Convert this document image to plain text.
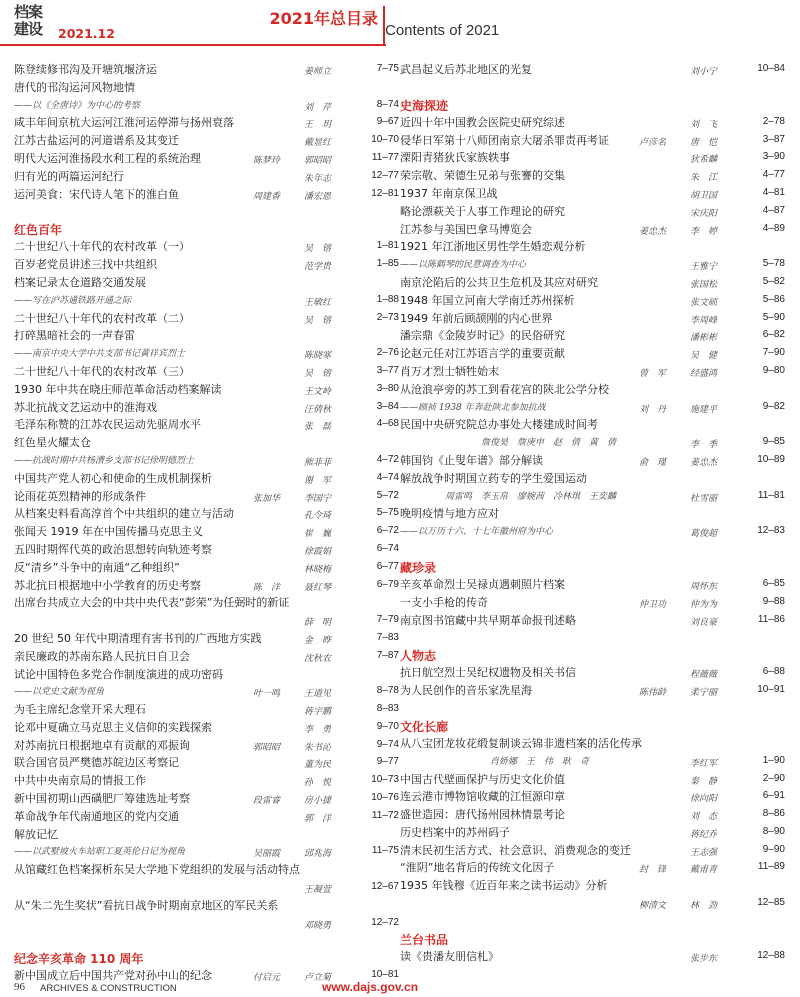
档案
建设	2021.12
2021年总目录
Contents of 2021
陈登续修邗沟及开塘筑堰济运	姜师立	7–75
唐代的邗沟运河风物地情
——以《全唐诗》为中心的考察	刘　芹	8–74
咸丰年间京杭大运河江淮河运停滞与扬州衰落	王　玥	9–67
江苏古盐运河的河道谱系及其变迁	戴显红	10–70
明代大运河淮扬段水利工程的系统治理	陈梦玲	郭昭昭	11–77
归有光的两篇运河纪行	朱年志	12–77
运河美食：宋代诗人笔下的淮白鱼	周建香	潘宏恩	12–81
红色百年
二十世纪八十年代的农村改革（一）	吴　镕	1–81
百岁老党员讲述三找中共组织	范学贵	1–85
档案记录太仓道路交通发展
——写在沪苏通铁路开通之际	王敏红	1–88
二十世纪八十年代的农村改革（二）	吴　镕	2–73
打碎黑暗社会的一声春雷
——南京中央大学中共支部书记黄祥宾烈士	陈晓寒	2–76
二十世纪八十年代的农村改革（三）	吴　镕	3–77
1930 年中共在晓庄师范革命活动档案解读	王文岭	3–80
苏北抗战文艺运动中的淮海戏	汪倩秋	3–84
毛泽东称赞的江苏农民运动先驱周水平	张　磊	4–68
红色星火耀太仓
——抗战时期中共杨漕乡支部书记徐明德烈士	熊菲菲	4–72
中国共产党人初心和使命的生成机制探析	谢　军	4–74
论雨花英烈精神的形成条件	张加华	李国宁	5–72
从档案史料看高淳首个中共组织的建立与活动	孔令琦	5–75
张闻天 1919 年在中国传播马克思主义	崔　巍	6–72
五四时期恽代英的政治思想转向轨迹考察	徐霞娟	6–74
反“清乡”斗争中的南通“乙种组织”	林晓梅	6–77
苏北抗日根据地中小学教育的历史考察	陈　洋	聂红琴	6–79
出席台共成立大会的中共中央代表“彭荣”为任弼时的新证
薛　明	7–79
20 世纪 50 年代中期清理有害书刊的广西地方实践	金　晔	7–83
亲民廉政的苏南东路人民抗日自卫会	沈秋农	7–87
试论中国特色多党合作制度演进的成功密码
——以党史文献为视角	叶一鸣	王道见	8–78
为毛主席纪念堂开采大理石	蒋宇鹏	8–83
论邓中夏确立马克思主义信仰的实践探索	李　勇	9–70
对苏南抗日根据地卓有贡献的邓振询	郭昭昭	朱书沁	9–74
联合国官员严樊德苏皖边区考察记	董为民	9–77
中共中央南京局的情报工作	孙　悦	10–73
新中国初期山西磺肥厂筹建选址考察	段雷睿	房小捷	10–76
革命战争年代南通地区的党内交通	郭　洋	11–72
解放记忆
——以武墅坡火车站职工夏英伦日记为视角	吴丽霞	邱兆海	11–75
从馆藏红色档案探析东吴大学地下党组织的发展与活动特点
王凝萱	12–67
从“朱二先生奖状”看抗日战争时期南京地区的军民关系
邓晓勇	12–72
纪念辛亥革命 110 周年
新中国成立后中国共产党对孙中山的纪念	付启元	卢立菊	10–81
武昌起义后苏北地区的光复	刘小宁	10–84
史海探迹
近四十年中国教会医院史研究综述	刘　飞	2–78
侵华日军第十八师团南京大屠杀罪责再考证	卢彦名	唐　恺	3–87
溧阳青猪狄氏家族轶事	狄希麟	3–90
荣宗敬、荣德生兄弟与张謇的交集	朱　江	4–77
1937 年南京保卫战	胡卫国	4–81
略论漂萩关于人事工作理论的研究	宋庆阳	4–87
江苏参与美国巴拿马博览会	姜忠杰	李　婷	4–89
1921 年江浙地区男性学生婚恋观分析
——以陈鹤琴的民意调查为中心	王雅宁	5–78
南京沦陷后的公共卫生危机及其应对研究	张国松	5–82
1948 年国立河南大学南迁苏州探析	张文硕	5–86
1949 年前后顾颉刚的内心世界	李周峰	5–90
潘宗鼎《金陵岁时记》的民俗研究	潘彬彬	6–82
论赵元任对江苏语言学的重要贡献	吴　健	7–90
肖万才烈士牺牲始末	曾　军	经盛鸿	9–80
从沧浪亭旁的苏工到看花宫的陕北公学分校
——顾祯 1938 年奔赴陕北参加抗战	刘　丹	施建平	9–82
民国中央研究院总办事处大楼建成时间考
　　　　　　　　　詹俊昊　詹庚申　赵　倩　黄　倩	李　季	9–85
韩国钧《止叟年谱》部分解读	俞　瑾	姜忠杰	10–89
解放战争时期国立药专的学生爱国运动
　　　　　周雷鸣　李玉帛　廖婉茜　冷林琪　王奕麟	杜雪丽	11–81
晚明疫情与地方应对
——以万历十六、十七年徽州府为中心	葛俊超	12–83
藏珍录
辛亥革命烈士吴禄贞遇刺照片档案	周怀东	6–85
一支小手枪的传奇	仲卫功	仲为为	9–88
南京图书馆藏中共早期革命报刊述略	刘良豪	11–86
人物志
抗日航空烈士吴纪权遗物及相关书信	程薇薇	6–88
为人民创作的音乐家冼星海	陈伟龄	柔宁丽	10–91
文化长廊
从八宝团龙妆花缎复制谈云锦非遗档案的活化传承
　　　　　　　　　　肖娇娜　王　伟　耿　奇	李红军	1–90
中国古代壁画保护与历史文化价值	秦　静	2–90
连云港市博物馆收藏的江恒源印章	徐向阳	6–91
盛世造园：唐代扬州园林情景考论	刘　态	8–86
历史档案中的苏州码子	蒋纪乔	8–90
清末民初生活方式、社会意识、消费观念的变迁	王志强	9–90
“淮阴”地名背后的传统文化因子	封　锋	戴甫青	11–89
1935 年钱穆《近百年来之读书运动》分析
柳清文	林　劲	12–85
兰台书品
读《贵潘友朋信札》	张步东	12–88
96 ARCHIVES & CONSTRUCTION	www.dajs.gov.cn
